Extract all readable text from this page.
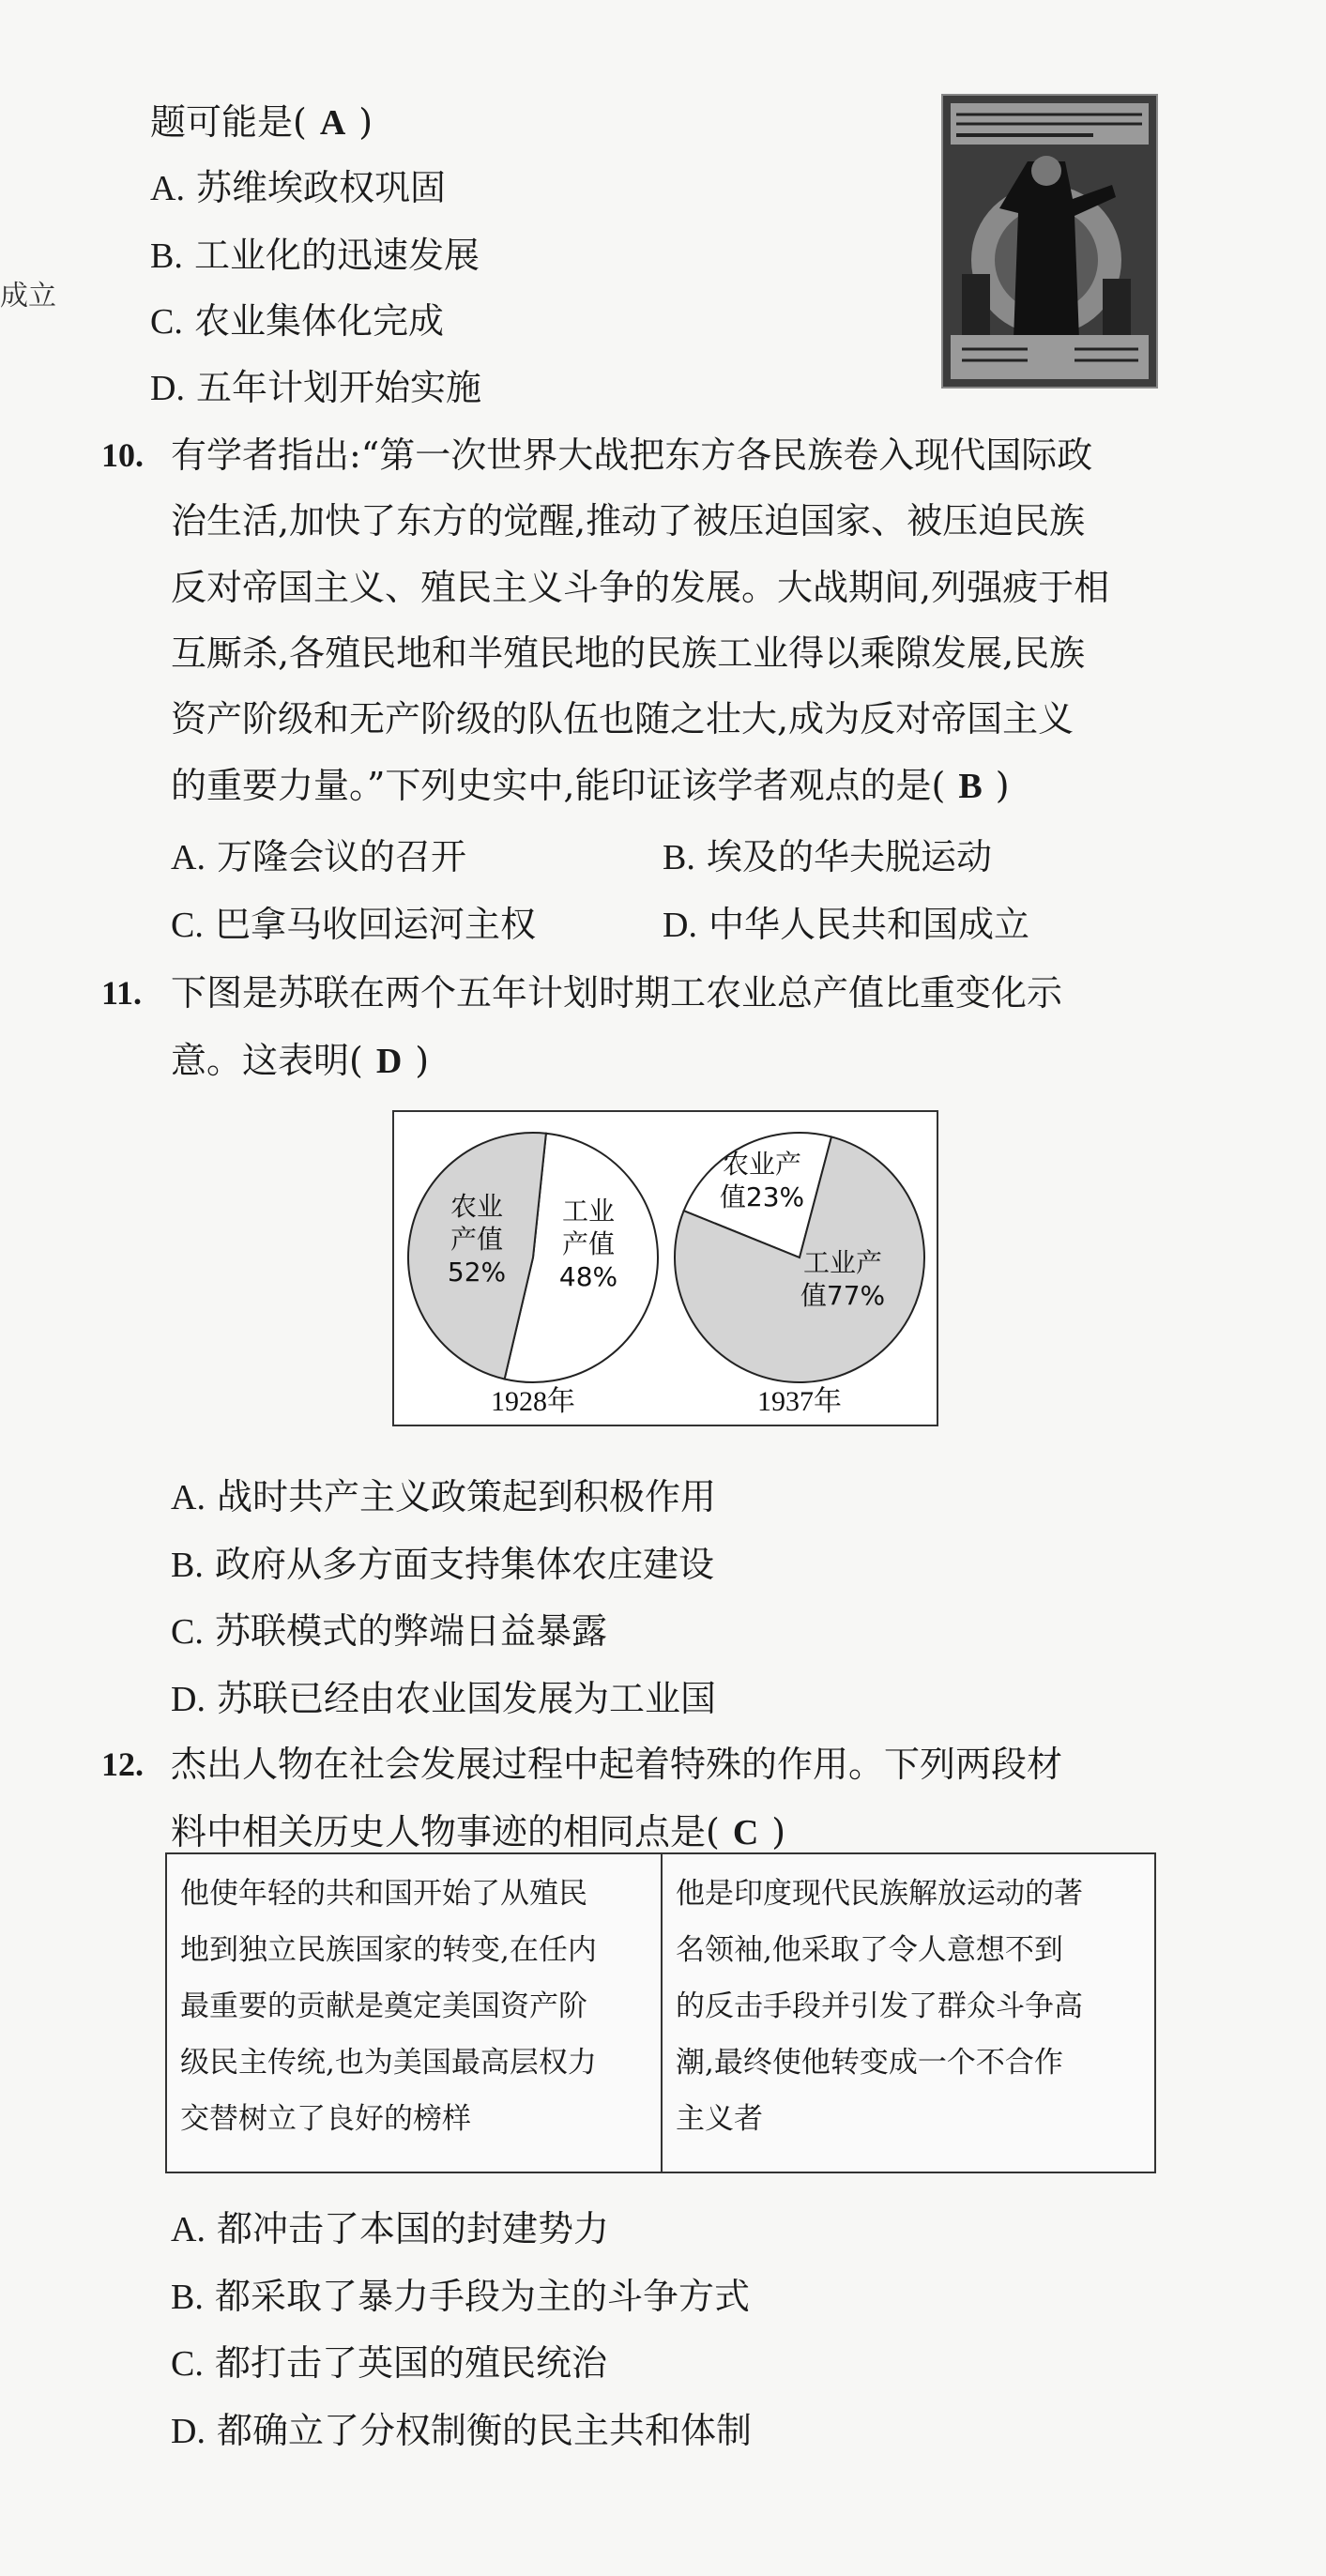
成立
题可能是( A )
A. 苏维埃政权巩固
B. 工业化的迅速发展
C. 农业集体化完成
D. 五年计划开始实施
10. 有学者指出:“第一次世界大战把东方各民族卷入现代国际政
治生活,加快了东方的觉醒,推动了被压迫国家、被压迫民族
反对帝国主义、殖民主义斗争的发展。大战期间,列强疲于相
互厮杀,各殖民地和半殖民地的民族工业得以乘隙发展,民族
资产阶级和无产阶级的队伍也随之壮大,成为反对帝国主义
的重要力量。”下列史实中,能印证该学者观点的是( B )
A. 万隆会议的召开	B. 埃及的华夫脱运动
C. 巴拿马收回运河主权	D. 中华人民共和国成立
11. 下图是苏联在两个五年计划时期工农业总产值比重变化示
意。这表明( D )
农业
产值
52%
工业
产值
48%
1928年
农业产
值23%
工业产
值77%
1937年
A. 战时共产主义政策起到积极作用
B. 政府从多方面支持集体农庄建设
C. 苏联模式的弊端日益暴露
D. 苏联已经由农业国发展为工业国
12. 杰出人物在社会发展过程中起着特殊的作用。下列两段材
料中相关历史人物事迹的相同点是( C )
他使年轻的共和国开始了从殖民
地到独立民族国家的转变,在任内
最重要的贡献是奠定美国资产阶
级民主传统,也为美国最高层权力
交替树立了良好的榜样
他是印度现代民族解放运动的著
名领袖,他采取了令人意想不到
的反击手段并引发了群众斗争高
潮,最终使他转变成一个不合作
主义者
A. 都冲击了本国的封建势力
B. 都采取了暴力手段为主的斗争方式
C. 都打击了英国的殖民统治
D. 都确立了分权制衡的民主共和体制
